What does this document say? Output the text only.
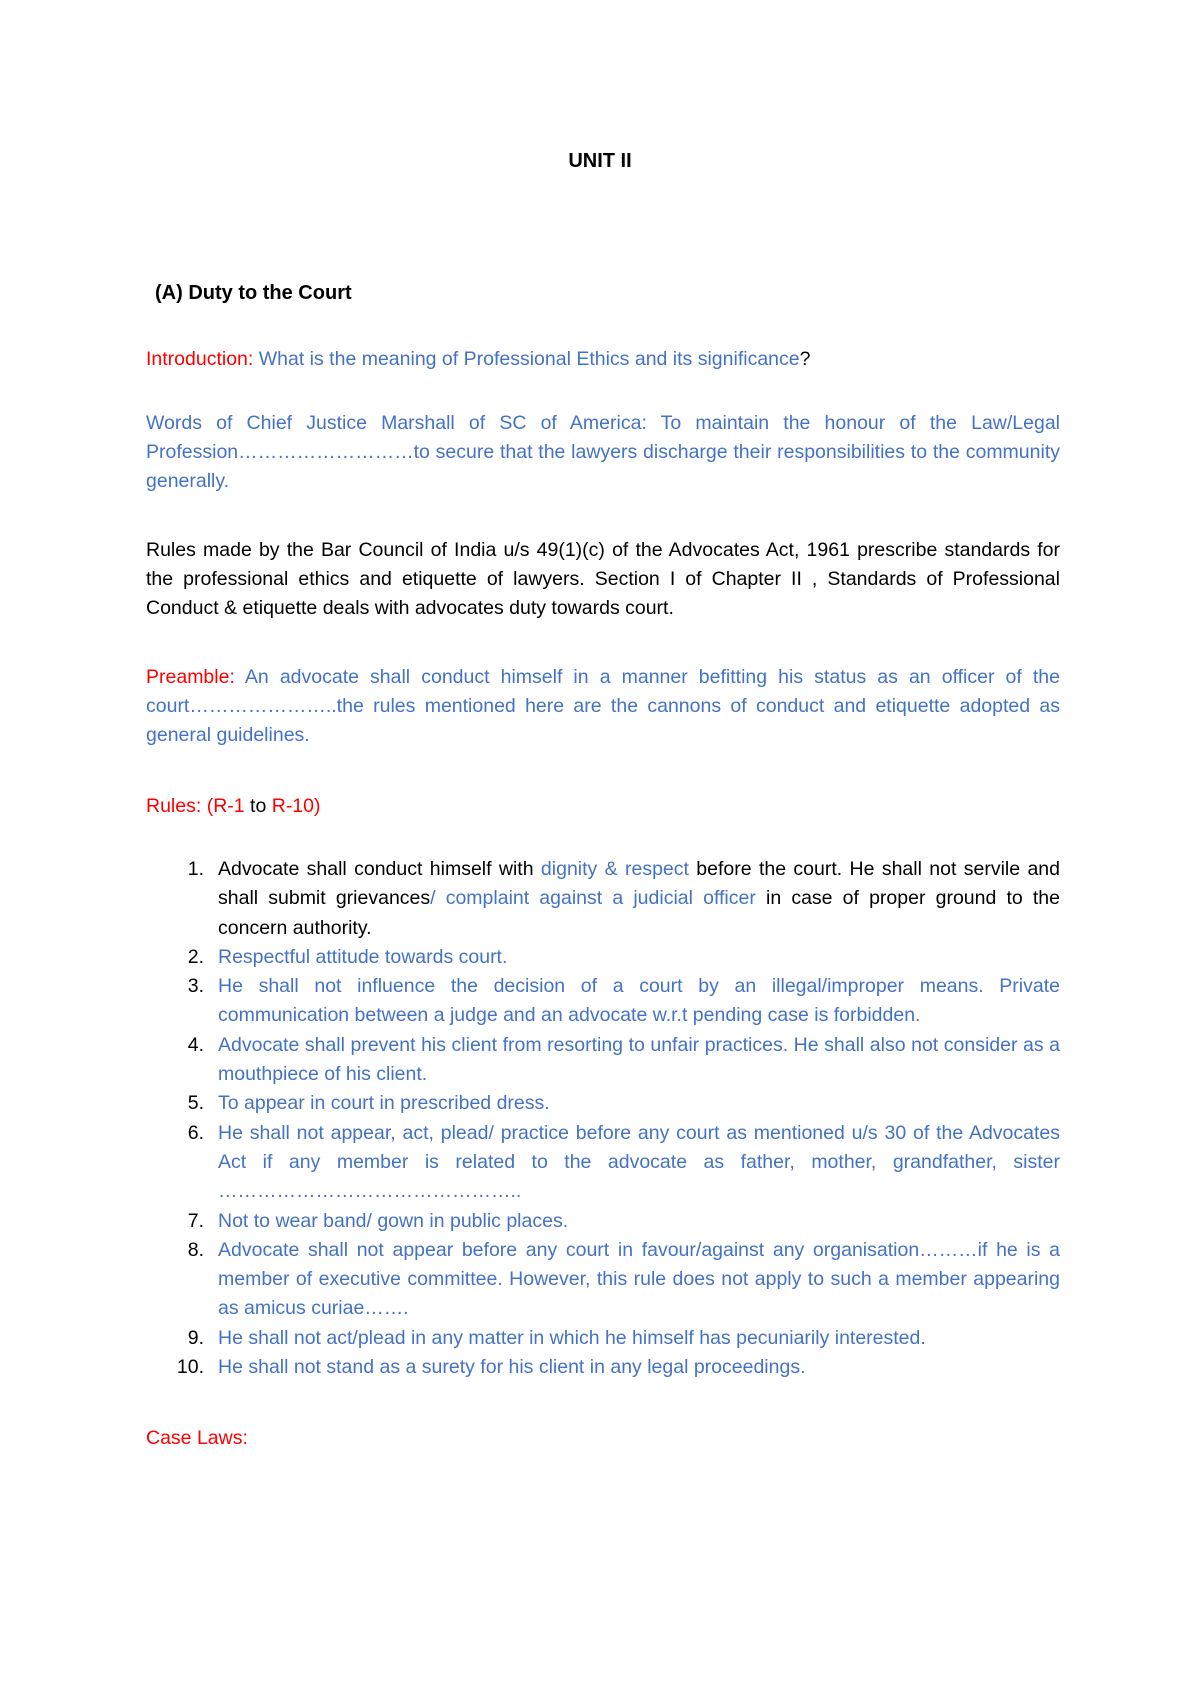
UNIT II
(A) Duty to the Court
Introduction: What is the meaning of Professional Ethics and its significance?
Words of Chief Justice Marshall of SC of America: To maintain the honour of the Law/Legal Profession………………………to secure that the lawyers discharge their responsibilities to the community generally.
Rules made by the Bar Council of India u/s 49(1)(c) of the Advocates Act, 1961 prescribe standards for the professional ethics and etiquette of lawyers. Section I of Chapter II , Standards of Professional Conduct & etiquette deals with advocates duty towards court.
Preamble: An advocate shall conduct himself in a manner befitting his status as an officer of the court…………………..the rules mentioned here are the cannons of conduct and etiquette adopted as general guidelines.
Rules: (R-1 to R-10)
1. Advocate shall conduct himself with dignity & respect before the court. He shall not servile and shall submit grievances/ complaint against a judicial officer in case of proper ground to the concern authority.
2. Respectful attitude towards court.
3. He shall not influence the decision of a court by an illegal/improper means. Private communication between a judge and an advocate w.r.t pending case is forbidden.
4. Advocate shall prevent his client from resorting to unfair practices. He shall also not consider as a mouthpiece of his client.
5. To appear in court in prescribed dress.
6. He shall not appear, act, plead/ practice before any court as mentioned u/s 30 of the Advocates Act if any member is related to the advocate as father, mother, grandfather, sister ………………………………………..
7. Not to wear band/ gown in public places.
8. Advocate shall not appear before any court in favour/against any organisation………if he is a member of executive committee. However, this rule does not apply to such a member appearing as amicus curiae…….
9. He shall not act/plead in any matter in which he himself has pecuniarily interested.
10. He shall not stand as a surety for his client in any legal proceedings.
Case Laws:
